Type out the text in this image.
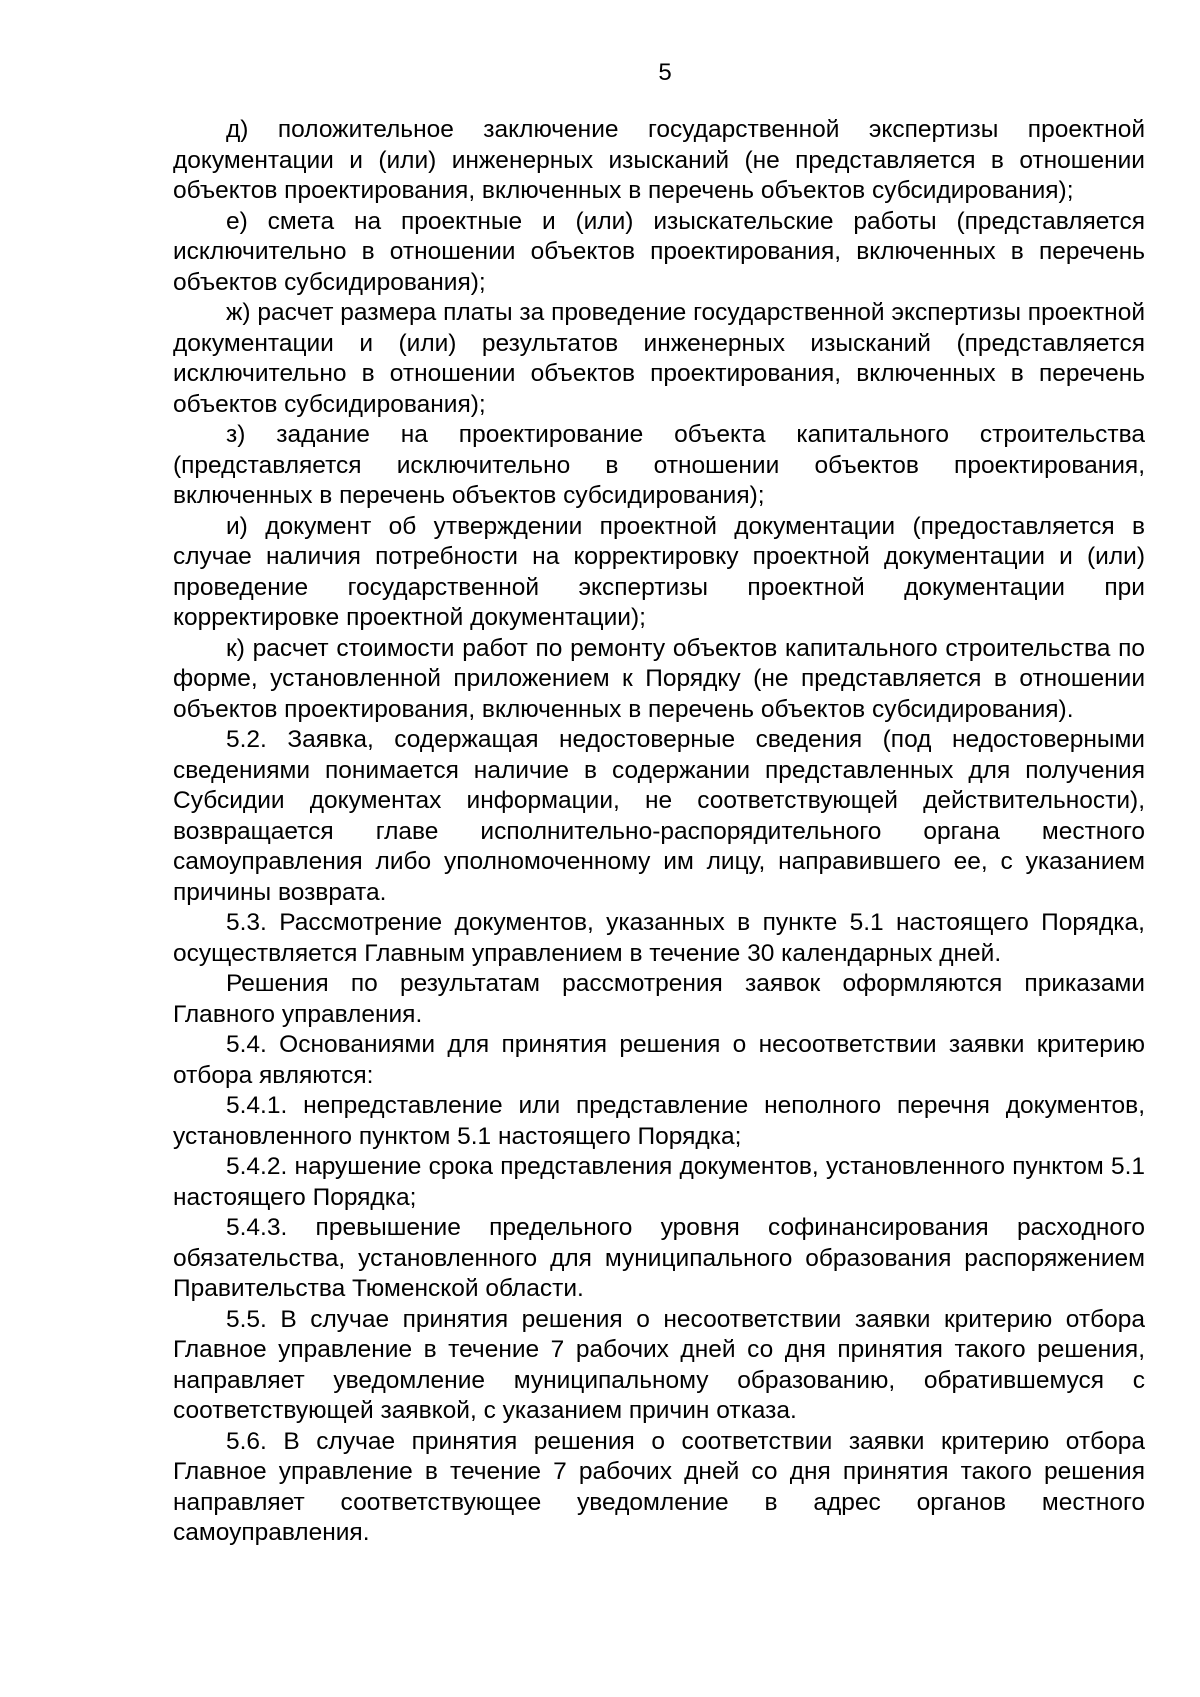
5

д) положительное заключение государственной экспертизы проектной документации и (или) инженерных изысканий (не представляется в отношении объектов проектирования, включенных в перечень объектов субсидирования);

е) смета на проектные и (или) изыскательские работы (представляется исключительно в отношении объектов проектирования, включенных в перечень объектов субсидирования);

ж) расчет размера платы за проведение государственной экспертизы проектной документации и (или) результатов инженерных изысканий (представляется исключительно в отношении объектов проектирования, включенных в перечень объектов субсидирования);

з) задание на проектирование объекта капитального строительства (представляется исключительно в отношении объектов проектирования, включенных в перечень объектов субсидирования);

и) документ об утверждении проектной документации (предоставляется в случае наличия потребности на корректировку проектной документации и (или) проведение государственной экспертизы проектной документации при корректировке проектной документации);

к) расчет стоимости работ по ремонту объектов капитального строительства по форме, установленной приложением к Порядку (не представляется в отношении объектов проектирования, включенных в перечень объектов субсидирования).

5.2. Заявка, содержащая недостоверные сведения (под недостоверными сведениями понимается наличие в содержании представленных для получения Субсидии документах информации, не соответствующей действительности), возвращается главе исполнительно-распорядительного органа местного самоуправления либо уполномоченному им лицу, направившего ее, с указанием причины возврата.

5.3. Рассмотрение документов, указанных в пункте 5.1 настоящего Порядка, осуществляется Главным управлением в течение 30 календарных дней.

Решения по результатам рассмотрения заявок оформляются приказами Главного управления.

5.4. Основаниями для принятия решения о несоответствии заявки критерию отбора являются:

5.4.1. непредставление или представление неполного перечня документов, установленного пунктом 5.1 настоящего Порядка;

5.4.2. нарушение срока представления документов, установленного пунктом 5.1 настоящего Порядка;

5.4.3. превышение предельного уровня софинансирования расходного обязательства, установленного для муниципального образования распоряжением Правительства Тюменской области.

5.5. В случае принятия решения о несоответствии заявки критерию отбора Главное управление в течение 7 рабочих дней со дня принятия такого решения, направляет уведомление муниципальному образованию, обратившемуся с соответствующей заявкой, с указанием причин отказа.

5.6. В случае принятия решения о соответствии заявки критерию отбора Главное управление в течение 7 рабочих дней со дня принятия такого решения направляет соответствующее уведомление в адрес органов местного самоуправления.
